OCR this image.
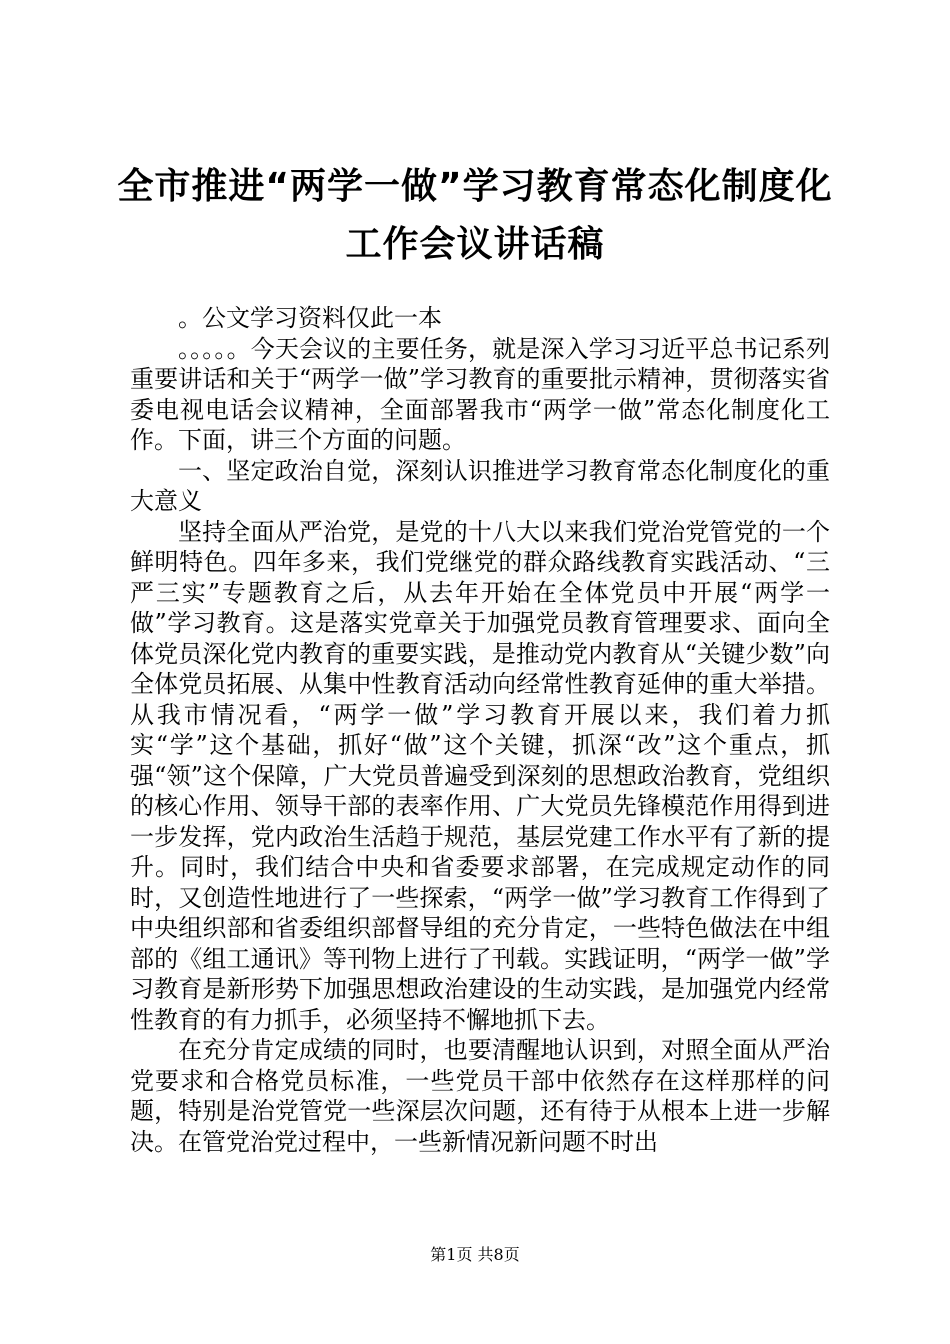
全市推进“两学一做”学习教育常态化制度化工作会议讲话稿

。公文学习资料仅此一本

。。。。。今天会议的主要任务，就是深入学习习近平总书记系列重要讲话和关于“两学一做”学习教育的重要批示精神，贯彻落实省委电视电话会议精神，全面部署我市“两学一做”常态化制度化工作。下面，讲三个方面的问题。

一、坚定政治自觉，深刻认识推进学习教育常态化制度化的重大意义

坚持全面从严治党，是党的十八大以来我们党治党管党的一个鲜明特色。四年多来，我们党继党的群众路线教育实践活动、“三严三实”专题教育之后，从去年开始在全体党员中开展“两学一做”学习教育。这是落实党章关于加强党员教育管理要求、面向全体党员深化党内教育的重要实践，是推动党内教育从“关键少数”向全体党员拓展、从集中性教育活动向经常性教育延伸的重大举措。从我市情况看，“两学一做”学习教育开展以来，我们着力抓实“学”这个基础，抓好“做”这个关键，抓深“改”这个重点，抓强“领”这个保障，广大党员普遍受到深刻的思想政治教育，党组织的核心作用、领导干部的表率作用、广大党员先锋模范作用得到进一步发挥，党内政治生活趋于规范，基层党建工作水平有了新的提升。同时，我们结合中央和省委要求部署，在完成规定动作的同时，又创造性地进行了一些探索，“两学一做”学习教育工作得到了中央组织部和省委组织部督导组的充分肯定，一些特色做法在中组部的《组工通讯》等刊物上进行了刊载。实践证明，“两学一做”学习教育是新形势下加强思想政治建设的生动实践，是加强党内经常性教育的有力抓手，必须坚持不懈地抓下去。

在充分肯定成绩的同时，也要清醒地认识到，对照全面从严治党要求和合格党员标准，一些党员干部中依然存在这样那样的问题，特别是治党管党一些深层次问题，还有待于从根本上进一步解决。在管党治党过程中，一些新情况新问题不时出

第1页 共8页
